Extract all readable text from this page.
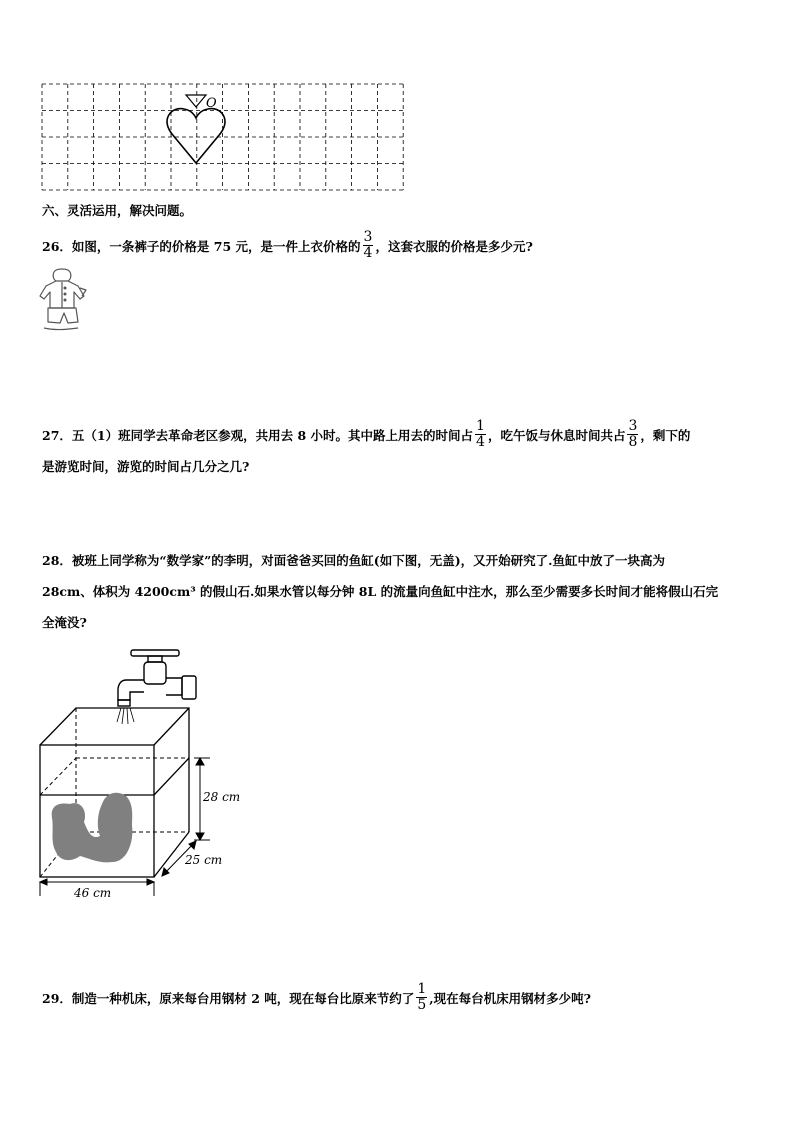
O
六、灵活运用，解决问题。
26．如图，一条裤子的价格是 75 元，是一件上衣价格的 $\frac{3}{4}$ ，这套衣服的价格是多少元?
27．五（1）班同学去革命老区参观，共用去 8 小时。其中路上用去的时间占 $\frac{1}{4}$ ，吃午饭与休息时间共占 $\frac{3}{8}$ ，剩下的
是游览时间，游览的时间占几分之几?
28．被班上同学称为“数学家”的李明，对面爸爸买回的鱼缸(如下图，无盖)，又开始研究了.鱼缸中放了一块高为
28cm、体积为 4200cm³ 的假山石.如果水管以每分钟 8L 的流量向鱼缸中注水，那么至少需要多长时间才能将假山石完
全淹没?
28 cm
25 cm
46 cm
29．制造一种机床，原来每台用钢材 2 吨，现在每台比原来节约了 $\frac{1}{5}$ ,现在每台机床用钢材多少吨?
